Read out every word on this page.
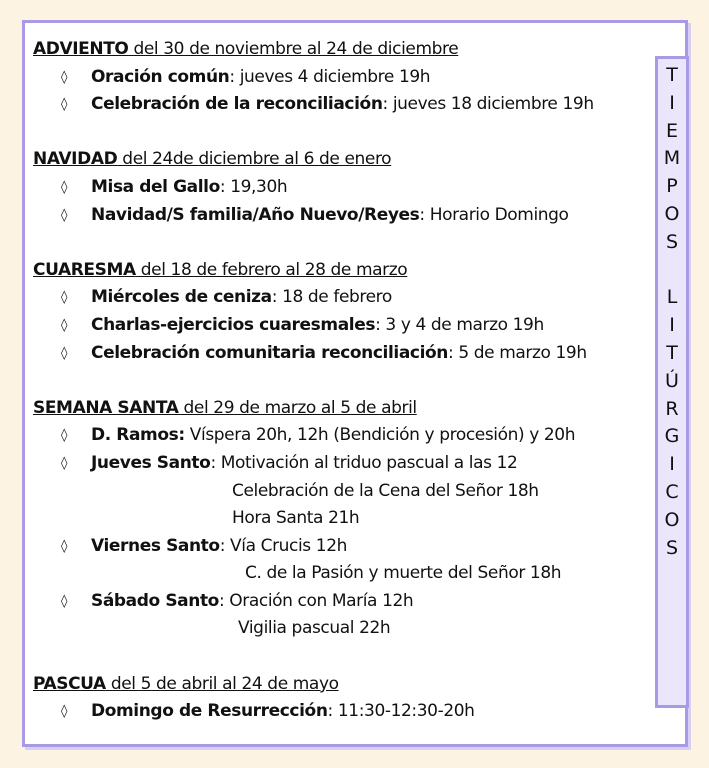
ADVIENTO del 30 de noviembre al 24 de diciembre
◊	Oración común: jueves 4 diciembre 19h
◊	Celebración de la reconciliación: jueves 18 diciembre 19h
NAVIDAD del 24de diciembre al 6 de enero
◊	Misa del Gallo: 19,30h
◊	Navidad/S familia/Año Nuevo/Reyes: Horario Domingo
CUARESMA del 18 de febrero al 28 de marzo
◊	Miércoles de ceniza: 18 de febrero
◊	Charlas-ejercicios cuaresmales: 3 y 4 de marzo 19h
◊	Celebración comunitaria reconciliación: 5 de marzo 19h
SEMANA SANTA del 29 de marzo al 5 de abril
◊	D. Ramos: Víspera 20h, 12h (Bendición y procesión) y 20h
◊	Jueves Santo: Motivación al triduo pascual a las 12
Celebración de la Cena del Señor 18h
Hora Santa 21h
◊	Viernes Santo: Vía Crucis 12h
C. de la Pasión y muerte del Señor 18h
◊	Sábado Santo: Oración con María 12h
Vigilia pascual 22h
PASCUA del 5 de abril al 24 de mayo
◊	Domingo de Resurrección: 11:30-12:30-20h
T
I
E
M
P
O
S
L
I
T
Ú
R
G
I
C
O
S
